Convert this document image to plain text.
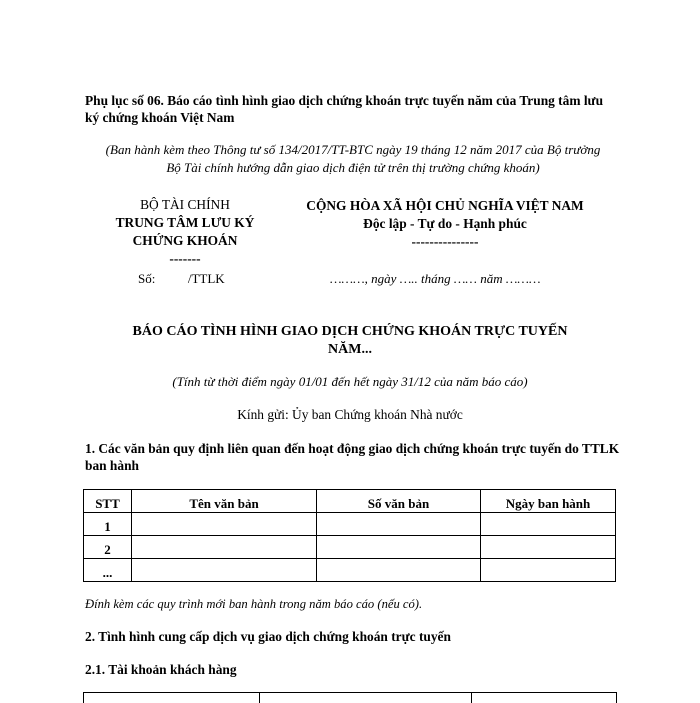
Phụ lục số 06. Báo cáo tình hình giao dịch chứng khoán trực tuyến năm của Trung tâm lưu ký chứng khoán Việt Nam
(Ban hành kèm theo Thông tư số 134/2017/TT-BTC ngày 19 tháng 12 năm 2017 của Bộ trưởng Bộ Tài chính hướng dẫn giao dịch điện tử trên thị trường chứng khoán)
BỘ TÀI CHÍNH
TRUNG TÂM LƯU KÝ
CHỨNG KHOÁN
-------
CỘNG HÒA XÃ HỘI CHỦ NGHĨA VIỆT NAM
Độc lập - Tự do - Hạnh phúc
---------------
Số:	/TTLK	………, ngày ….. tháng …… năm ………
BÁO CÁO TÌNH HÌNH GIAO DỊCH CHỨNG KHOÁN TRỰC TUYẾN
NĂM...
(Tính từ thời điểm ngày 01/01 đến hết ngày 31/12 của năm báo cáo)
Kính gửi: Ủy ban Chứng khoán Nhà nước
1. Các văn bản quy định liên quan đến hoạt động giao dịch chứng khoán trực tuyến do TTLK ban hành
STT	Tên văn bản	Số văn bản	Ngày ban hành
1			
2			
...			
Đính kèm các quy trình mới ban hành trong năm báo cáo (nếu có).
2. Tình hình cung cấp dịch vụ giao dịch chứng khoán trực tuyến
2.1. Tài khoản khách hàng
